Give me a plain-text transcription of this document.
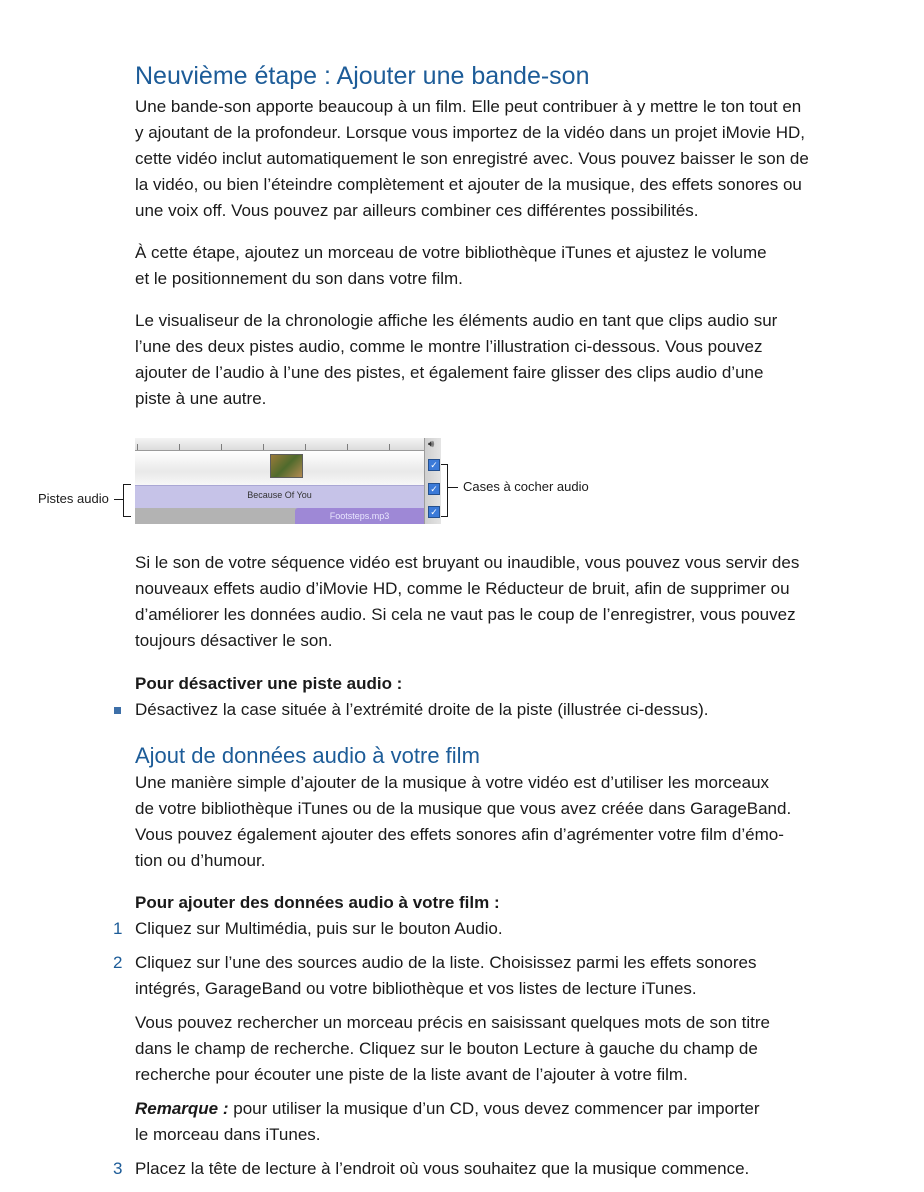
Neuvième étape : Ajouter une bande-son

Une bande-son apporte beaucoup à un film. Elle peut contribuer à y mettre le ton tout en
y ajoutant de la profondeur. Lorsque vous importez de la vidéo dans un projet iMovie HD,
cette vidéo inclut automatiquement le son enregistré avec. Vous pouvez baisser le son de
la vidéo, ou bien l’éteindre complètement et ajouter de la musique, des effets sonores ou
une voix off. Vous pouvez par ailleurs combiner ces différentes possibilités.

À cette étape, ajoutez un morceau de votre bibliothèque iTunes et ajustez le volume
et le positionnement du son dans votre film.

Le visualiseur de la chronologie affiche les éléments audio en tant que clips audio sur
l’une des deux pistes audio, comme le montre l’illustration ci-dessous. Vous pouvez
ajouter de l’audio à l’une des pistes, et également faire glisser des clips audio d’une
piste à une autre.

Because Of You
Footsteps.mp3
🔊︎
✓
✓
✓
Pistes audio
Cases à cocher audio

Si le son de votre séquence vidéo est bruyant ou inaudible, vous pouvez vous servir des
nouveaux effets audio d’iMovie HD, comme le Réducteur de bruit, afin de supprimer ou
d’améliorer les données audio. Si cela ne vaut pas le coup de l’enregistrer, vous pouvez
toujours désactiver le son.

Pour désactiver une piste audio :
Désactivez la case située à l’extrémité droite de la piste (illustrée ci-dessus).
Ajout de données audio à votre film

Une manière simple d’ajouter de la musique à votre vidéo est d’utiliser les morceaux
de votre bibliothèque iTunes ou de la musique que vous avez créée dans GarageBand.
Vous pouvez également ajouter des effets sonores afin d’agrémenter votre film d’émo-
tion ou d’humour.

Pour ajouter des données audio à votre film :
1 Cliquez sur Multimédia, puis sur le bouton Audio.
2 Cliquez sur l’une des sources audio de la liste. Choisissez parmi les effets sonores
intégrés, GarageBand ou votre bibliothèque et vos listes de lecture iTunes.

Vous pouvez rechercher un morceau précis en saisissant quelques mots de son titre
dans le champ de recherche. Cliquez sur le bouton Lecture à gauche du champ de
recherche pour écouter une piste de la liste avant de l’ajouter à votre film.

Remarque : pour utiliser la musique d’un CD, vous devez commencer par importer
le morceau dans iTunes.

3 Placez la tête de lecture à l’endroit où vous souhaitez que la musique commence.
